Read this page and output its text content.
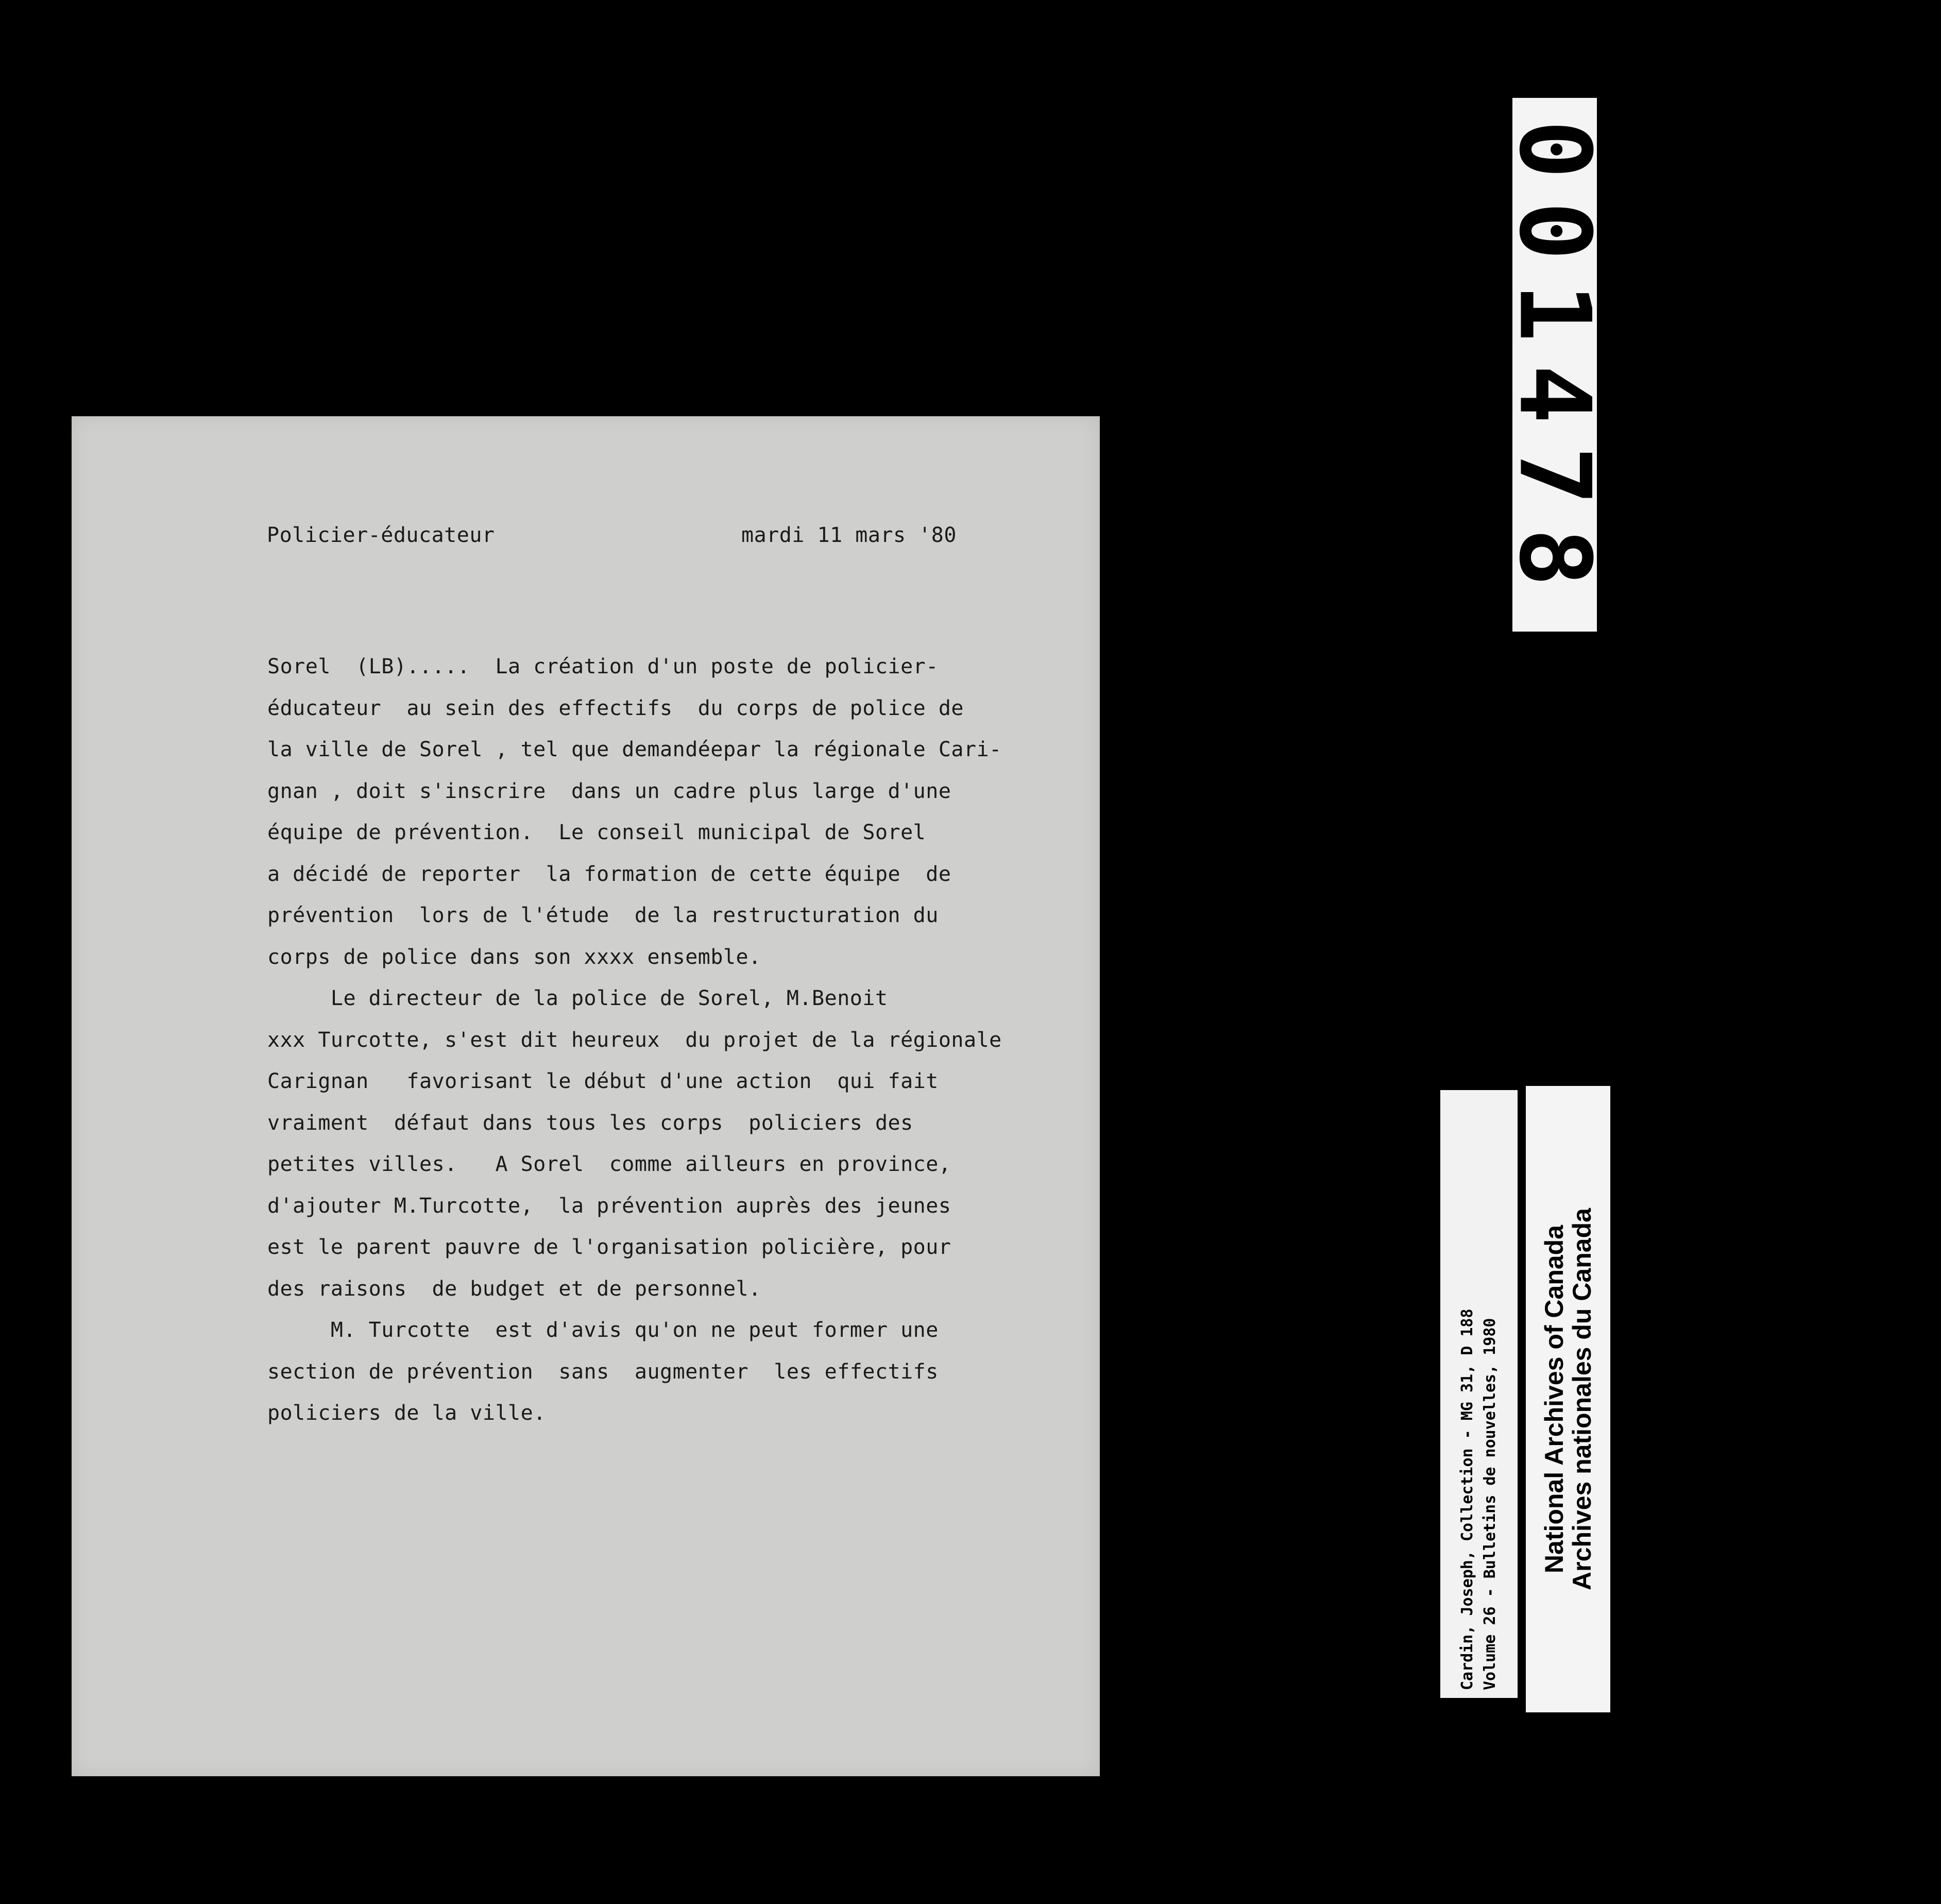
Policier-éducateur	mardi 11 mars '80
Sorel  (LB).....  La création d'un poste de policier-
éducateur  au sein des effectifs  du corps de police de
la ville de Sorel , tel que demandéepar la régionale Cari-
gnan , doit s'inscrire  dans un cadre plus large d'une
équipe de prévention.  Le conseil municipal de Sorel
a décidé de reporter  la formation de cette équipe  de
prévention  lors de l'étude  de la restructuration du
corps de police dans son xxxx ensemble.
Le directeur de la police de Sorel, M.Benoit
xxx Turcotte, s'est dit heureux  du projet de la régionale
Carignan   favorisant le début d'une action  qui fait
vraiment  défaut dans tous les corps  policiers des
petites villes.   A Sorel  comme ailleurs en province,
d'ajouter M.Turcotte,  la prévention auprès des jeunes
est le parent pauvre de l'organisation policière, pour
des raisons  de budget et de personnel.
M. Turcotte  est d'avis qu'on ne peut former une
section de prévention  sans  augmenter  les effectifs
policiers de la ville.
001478
Cardin, Joseph, Collection - MG 31, D 188 Volume 26 - Bulletins de nouvelles, 1980 National Archives of Canada
Archives nationales du Canada
